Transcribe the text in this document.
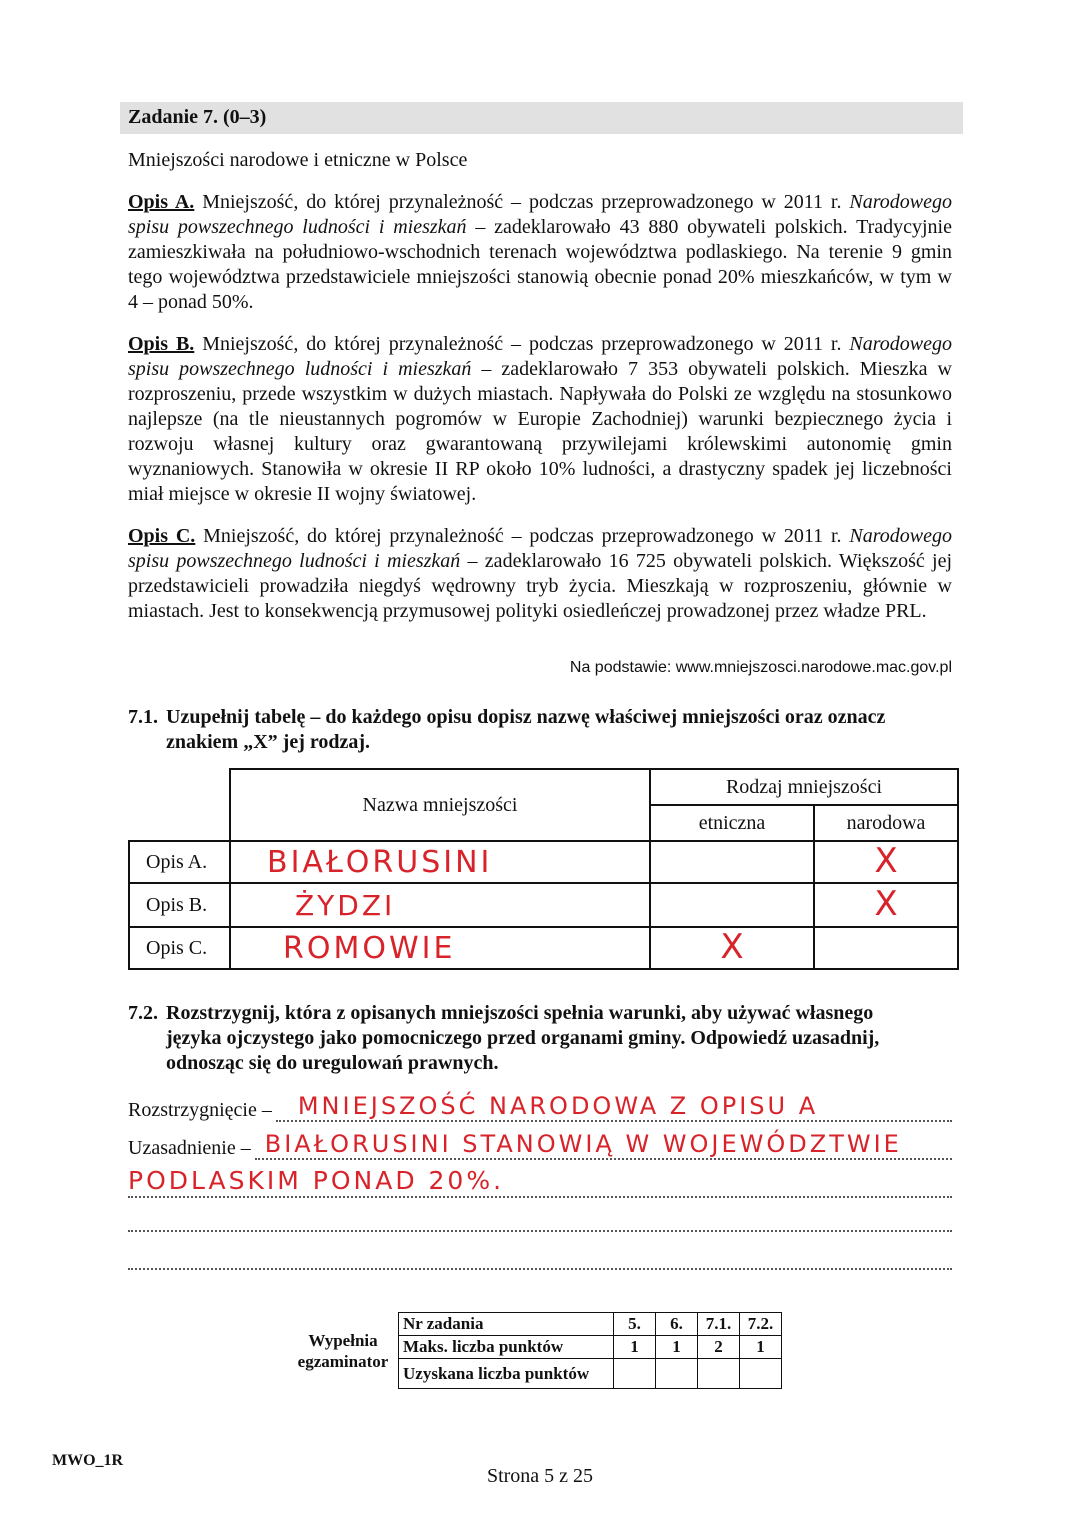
Zadanie 7. (0–3)
Mniejszości narodowe i etniczne w Polsce

Opis A. Mniejszość, do której przynależność – podczas przeprowadzonego w 2011 r. Narodowego spisu powszechnego ludności i mieszkań – zadeklarowało 43 880 obywateli polskich. Tradycyjnie zamieszkiwała na południowo-wschodnich terenach województwa podlaskiego. Na terenie 9 gmin tego województwa przedstawiciele mniejszości stanowią obecnie ponad 20% mieszkańców, w tym w 4 – ponad 50%.

Opis B. Mniejszość, do której przynależność – podczas przeprowadzonego w 2011 r. Narodowego spisu powszechnego ludności i mieszkań – zadeklarowało 7 353 obywateli polskich. Mieszka w rozproszeniu, przede wszystkim w dużych miastach. Napływała do Polski ze względu na stosunkowo najlepsze (na tle nieustannych pogromów w Europie Zachodniej) warunki bezpiecznego życia i rozwoju własnej kultury oraz gwarantowaną przywilejami królewskimi autonomię gmin wyznaniowych. Stanowiła w okresie II RP około 10% ludności, a drastyczny spadek jej liczebności miał miejsce w okresie II wojny światowej.

Opis C. Mniejszość, do której przynależność – podczas przeprowadzonego w 2011 r. Narodowego spisu powszechnego ludności i mieszkań – zadeklarowało 16 725 obywateli polskich. Większość jej przedstawicieli prowadziła niegdyś wędrowny tryb życia. Mieszkają w rozproszeniu, głównie w miastach. Jest to konsekwencją przymusowej polityki osiedleńczej prowadzonej przez władze PRL.

Na podstawie: www.mniejszosci.narodowe.mac.gov.pl

7.1. Uzupełnij tabelę – do każdego opisu dopisz nazwę właściwej mniejszości oraz oznacz
znakiem „X” jej rodzaj.

	Nazwa mniejszości	Rodzaj mniejszości	
		etniczna	narodowa
Opis A.	BIAŁORUSINI		X
Opis B.	ŻYDZI		X
Opis C.	ROMOWIE	X	

7.2. Rozstrzygnij, która z opisanych mniejszości spełnia warunki, aby używać własnego
języka ojczystego jako pomocniczego przed organami gminy. Odpowiedź uzasadnij,
odnosząc się do uregulowań prawnych.

Rozstrzygnięcie –	MNIEJSZOŚĆ NARODOWA Z OPISU A
Uzasadnienie – BIAŁORUSINI STANOWIĄ W WOJEWÓDZTWIE
PODLASKIM PONAD 20%.
Wypełnia egzaminator	Nr zadania	5.	6.	7.1.	7.2.
	Maks. liczba punktów	1	1	2	1
	Uzyskana liczba punktów				
MWO_1R
Strona 5 z 25
